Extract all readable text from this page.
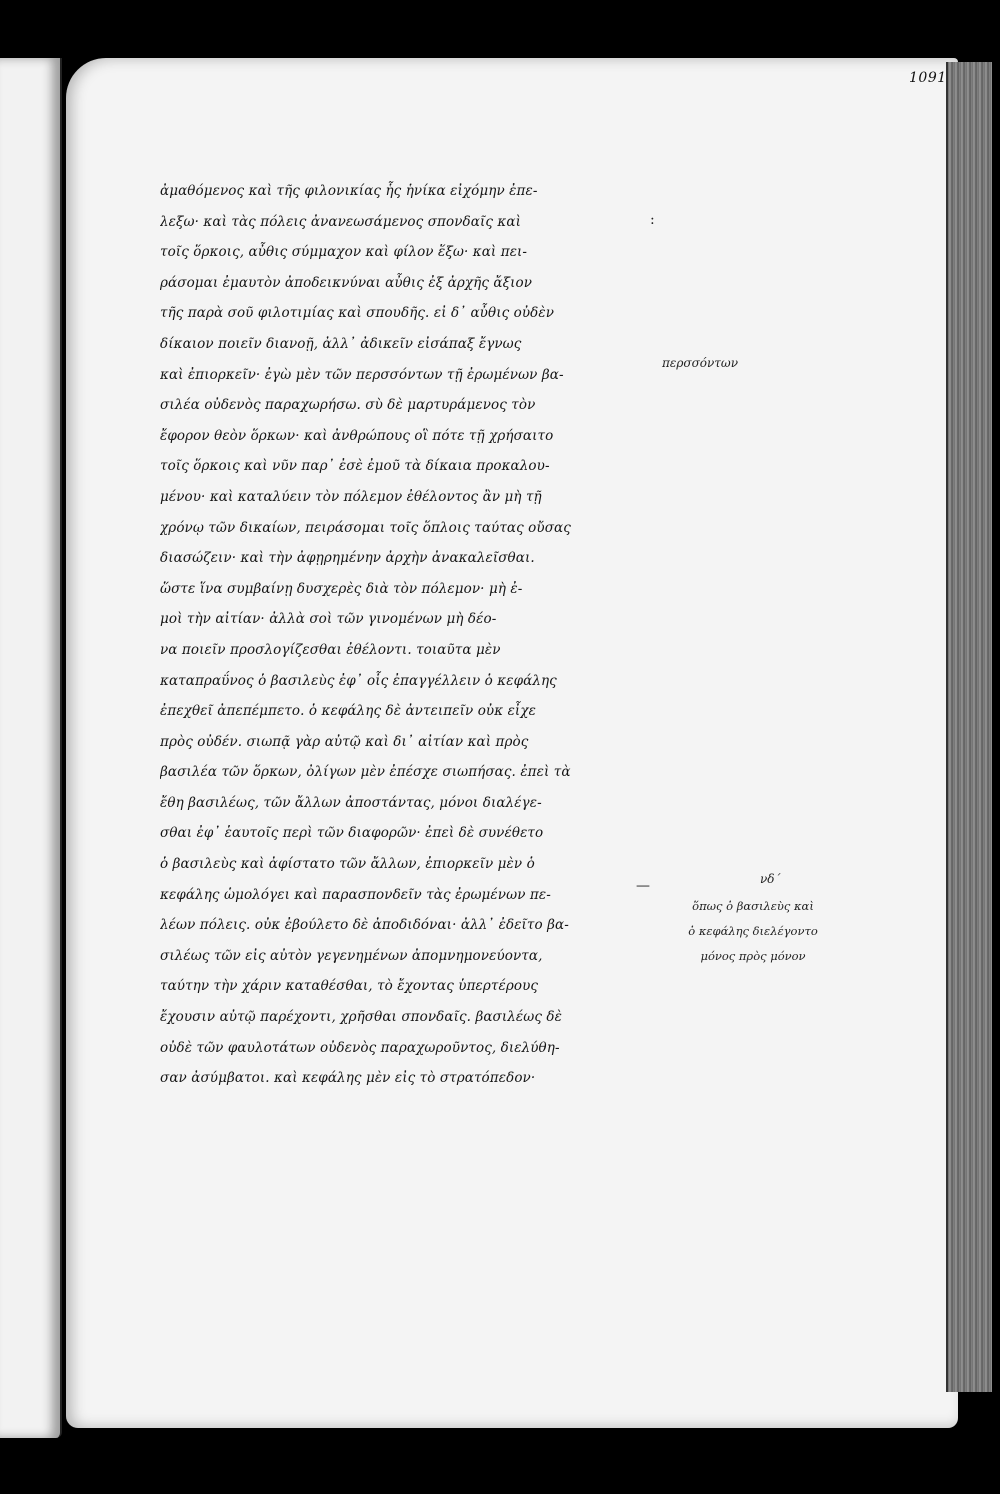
1091
ἀμαθόμενος καὶ τῆς φιλονικίας ἧς ἡνίκα εἰχόμην ἐπε-
λεξω· καὶ τὰς πόλεις ἀνανεωσάμενος σπονδαῖς καὶ
τοῖς ὅρκοις, αὖθις σύμμαχον καὶ φίλον ἕξω· καὶ πει-
ράσομαι ἐμαυτὸν ἀποδεικνύναι αὖθις ἐξ ἀρχῆς ἄξιον
τῆς παρὰ σοῦ φιλοτιμίας καὶ σπουδῆς. εἰ δ᾽ αὖθις οὐδὲν
δίκαιον ποιεῖν διανοῇ, ἀλλ᾽ ἀδικεῖν εἰσάπαξ ἔγνως
καὶ ἐπιορκεῖν· ἐγὼ μὲν τῶν περσσόντων τῇ ἐρωμένων βα-
σιλέα οὐδενὸς παραχωρήσω. σὺ δὲ μαρτυράμενος τὸν
ἔφορον θεὸν ὅρκων· καὶ ἀνθρώπους οἳ πότε τῇ χρήσαιτο
τοῖς ὅρκοις καὶ νῦν παρ᾽ ἐσὲ ἐμοῦ τὰ δίκαια προκαλου-
μένου· καὶ καταλύειν τὸν πόλεμον ἐθέλοντος ἂν μὴ τῇ
χρόνῳ τῶν δικαίων, πειράσομαι τοῖς ὅπλοις ταύτας οὔσας
διασώζειν· καὶ τὴν ἀφῃρημένην ἀρχὴν ἀνακαλεῖσθαι.
ὥστε ἵνα συμβαίνῃ δυσχερὲς διὰ τὸν πόλεμον· μὴ ἐ-
μοὶ τὴν αἰτίαν· ἀλλὰ σοὶ τῶν γινομένων μὴ δέο-
να ποιεῖν προσλογίζεσθαι ἐθέλοντι. τοιαῦτα μὲν
καταπραΰνος ὁ βασιλεὺς ἐφ᾽ οἷς ἐπαγγέλλειν ὁ κεφάλης
ἐπεχθεῖ ἀπεπέμπετο. ὁ κεφάλης δὲ ἀντειπεῖν οὐκ εἶχε
πρὸς οὐδέν. σιωπᾷ γὰρ αὐτῷ καὶ δι᾽ αἰτίαν καὶ πρὸς
βασιλέα τῶν ὅρκων, ὀλίγων μὲν ἐπέσχε σιωπήσας. ἐπεὶ τὰ
ἔθη βασιλέως, τῶν ἄλλων ἀποστάντας, μόνοι διαλέγε-
σθαι ἐφ᾽ ἑαυτοῖς περὶ τῶν διαφορῶν· ἐπεὶ δὲ συνέθετο
ὁ βασιλεὺς καὶ ἀφίστατο τῶν ἄλλων, ἐπιορκεῖν μὲν ὁ
κεφάλης ὡμολόγει καὶ παρασπονδεῖν τὰς ἐρωμένων πε-
λέων πόλεις. οὐκ ἐβούλετο δὲ ἀποδιδόναι· ἀλλ᾽ ἐδεῖτο βα-
σιλέως τῶν εἰς αὐτὸν γεγενημένων ἀπομνημονεύοντα,
ταύτην τὴν χάριν καταθέσθαι, τὸ ἔχοντας ὑπερτέρους
ἔχουσιν αὐτῷ παρέχοντι, χρῆσθαι σπονδαῖς. βασιλέως δὲ
οὐδὲ τῶν φαυλοτάτων οὐδενὸς παραχωροῦντος, διελύθη-
σαν ἀσύμβατοι. καὶ κεφάλης μὲν εἰς τὸ στρατόπεδον·
περσσόντων
νδ΄
ὅπως ὁ βασιλεὺς καὶ
ὁ κεφάλης διελέγοντο
μόνος πρὸς μόνον
:
—
